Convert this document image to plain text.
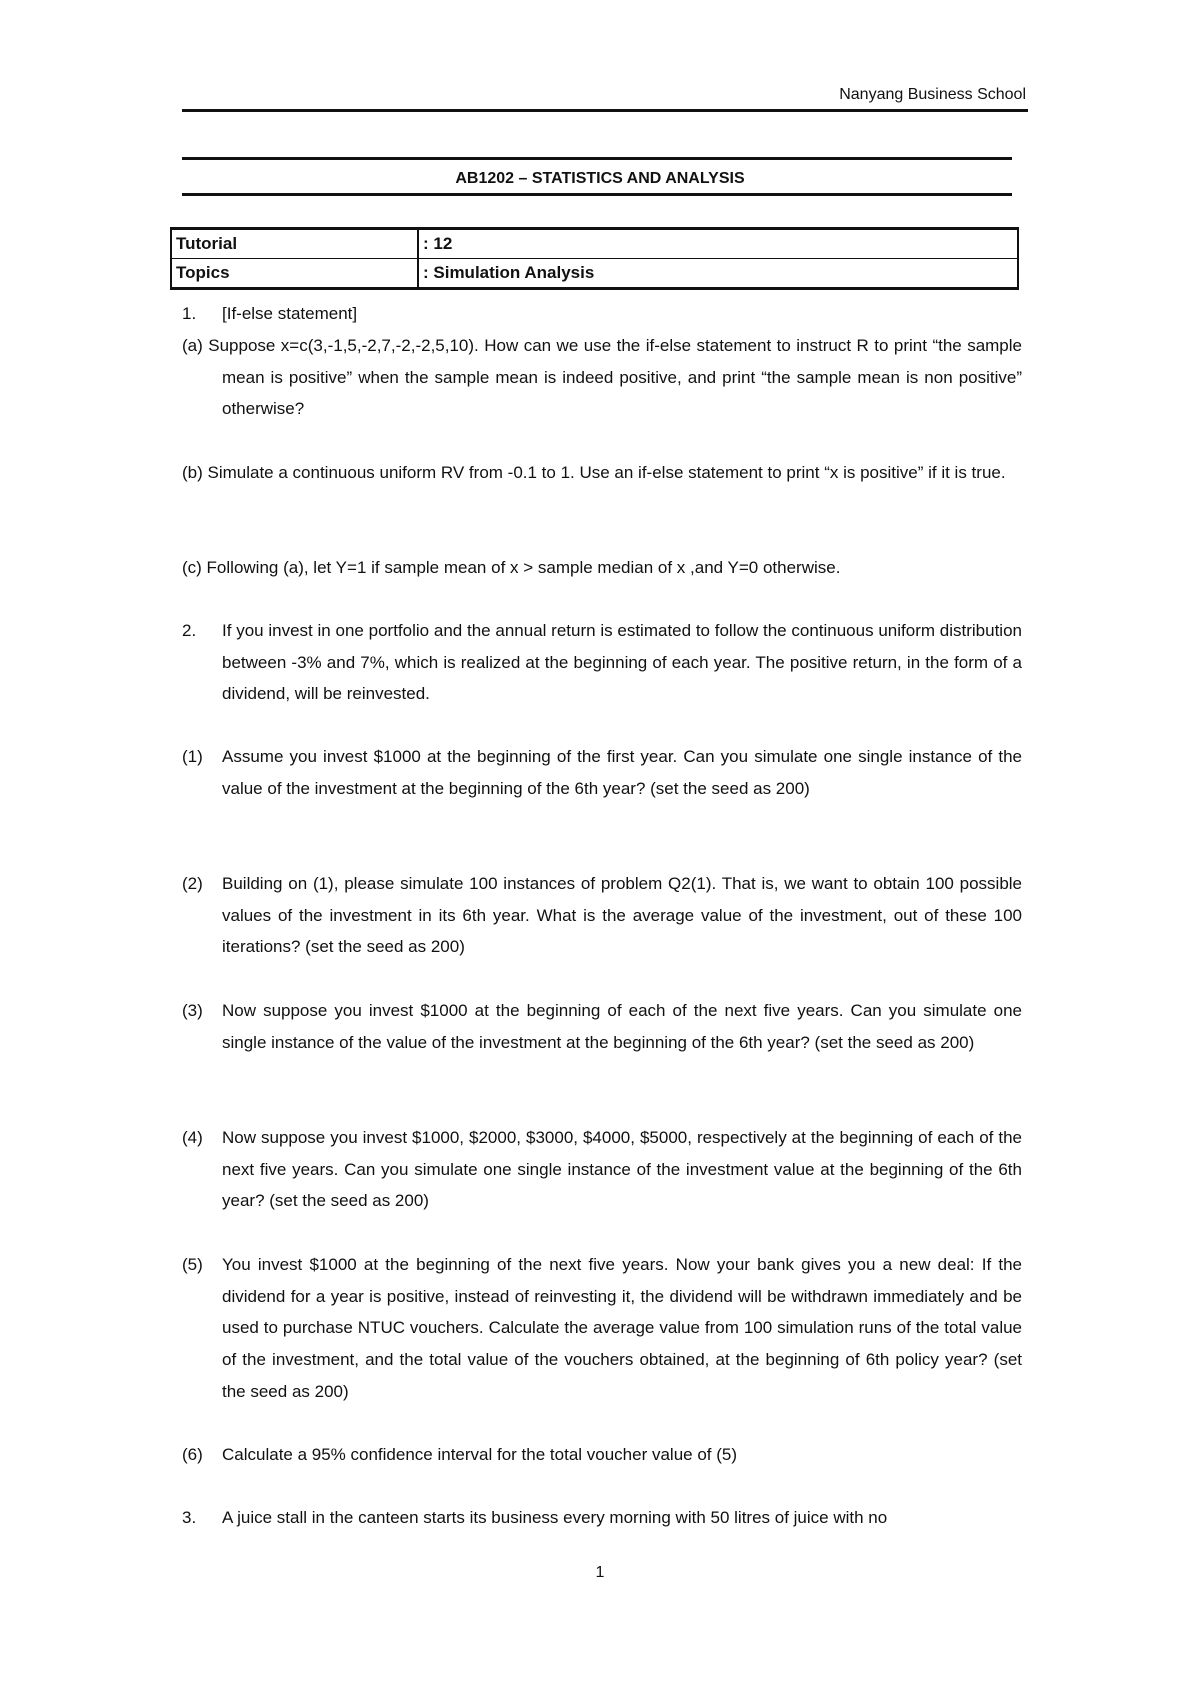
Nanyang Business School
AB1202 – STATISTICS AND ANALYSIS
Tutorial	: 12
Topics	: Simulation Analysis
1. [If-else statement]
(a) Suppose x=c(3,-1,5,-2,7,-2,-2,5,10). How can we use the if-else statement to instruct R to print “the sample mean is positive” when the sample mean is indeed positive, and print “the sample mean is non positive” otherwise?
(b) Simulate a continuous uniform RV from -0.1 to 1. Use an if-else statement to print “x is positive” if it is true.
(c) Following (a), let Y=1 if sample mean of x > sample median of x ,and Y=0 otherwise.
2. If you invest in one portfolio and the annual return is estimated to follow the continuous uniform distribution between -3% and 7%, which is realized at the beginning of each year. The positive return, in the form of a dividend, will be reinvested.
(1) Assume you invest $1000 at the beginning of the first year. Can you simulate one single instance of the value of the investment at the beginning of the 6th year? (set the seed as 200)
(2) Building on (1), please simulate 100 instances of problem Q2(1). That is, we want to obtain 100 possible values of the investment in its 6th year. What is the average value of the investment, out of these 100 iterations? (set the seed as 200)
(3) Now suppose you invest $1000 at the beginning of each of the next five years. Can you simulate one single instance of the value of the investment at the beginning of the 6th year? (set the seed as 200)
(4) Now suppose you invest $1000, $2000, $3000, $4000, $5000, respectively at the beginning of each of the next five years. Can you simulate one single instance of the investment value at the beginning of the 6th year? (set the seed as 200)
(5) You invest $1000 at the beginning of the next five years. Now your bank gives you a new deal: If the dividend for a year is positive, instead of reinvesting it, the dividend will be withdrawn immediately and be used to purchase NTUC vouchers. Calculate the average value from 100 simulation runs of the total value of the investment, and the total value of the vouchers obtained, at the beginning of 6th policy year? (set the seed as 200)
(6) Calculate a 95% confidence interval for the total voucher value of (5)
3. A juice stall in the canteen starts its business every morning with 50 litres of juice with no
1
